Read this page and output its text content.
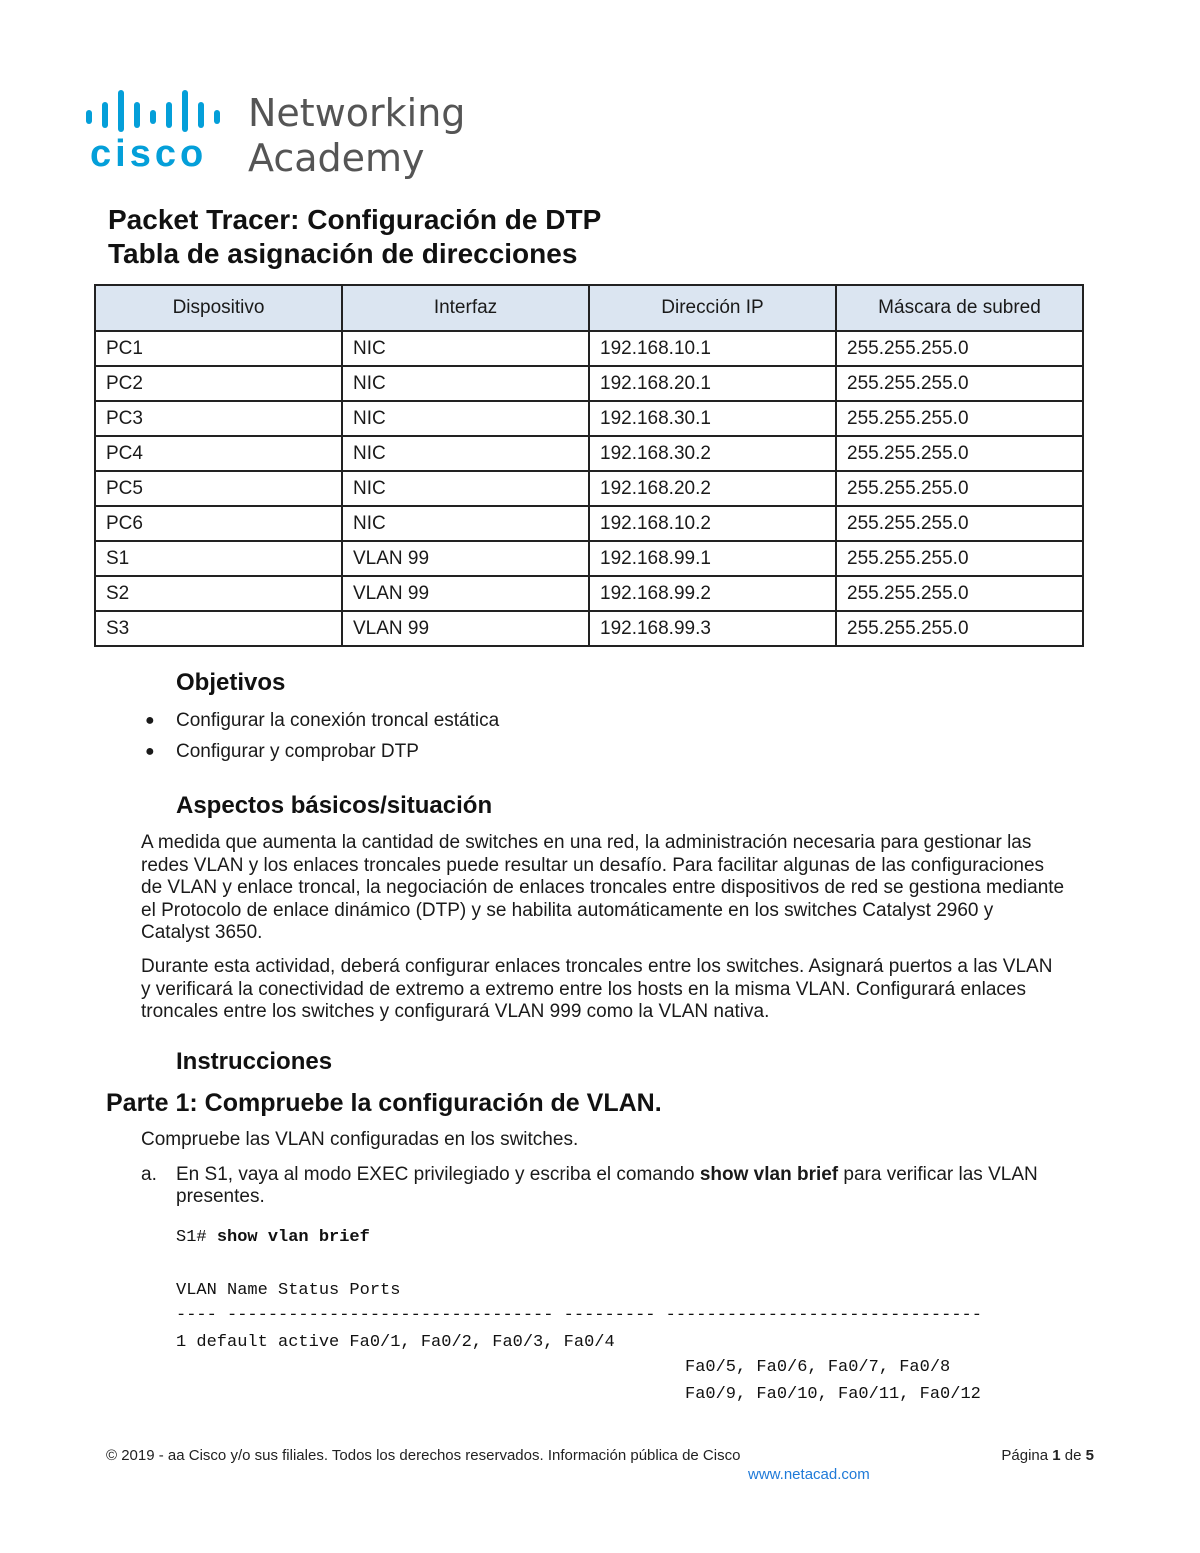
cisco
Networking
Academy
Packet Tracer: Configuración de DTP
Tabla de asignación de direcciones
Dispositivo	Interfaz	Dirección IP	Máscara de subred
PC1	NIC	192.168.10.1	255.255.255.0
PC2	NIC	192.168.20.1	255.255.255.0
PC3	NIC	192.168.30.1	255.255.255.0
PC4	NIC	192.168.30.2	255.255.255.0
PC5	NIC	192.168.20.2	255.255.255.0
PC6	NIC	192.168.10.2	255.255.255.0
S1	VLAN 99	192.168.99.1	255.255.255.0
S2	VLAN 99	192.168.99.2	255.255.255.0
S3	VLAN 99	192.168.99.3	255.255.255.0
Objetivos
● Configurar la conexión troncal estática
● Configurar y comprobar DTP
Aspectos básicos/situación
A medida que aumenta la cantidad de switches en una red, la administración necesaria para gestionar las
redes VLAN y los enlaces troncales puede resultar un desafío. Para facilitar algunas de las configuraciones
de VLAN y enlace troncal, la negociación de enlaces troncales entre dispositivos de red se gestiona mediante
el Protocolo de enlace dinámico (DTP) y se habilita automáticamente en los switches Catalyst 2960 y
Catalyst 3650.
Durante esta actividad, deberá configurar enlaces troncales entre los switches. Asignará puertos a las VLAN
y verificará la conectividad de extremo a extremo entre los hosts en la misma VLAN. Configurará enlaces
troncales entre los switches y configurará VLAN 999 como la VLAN nativa.
Instrucciones
Parte 1: Compruebe la configuración de VLAN.
Compruebe las VLAN configuradas en los switches.
a. En S1, vaya al modo EXEC privilegiado y escriba el comando show vlan brief para verificar las VLAN
presentes.
S1# show vlan brief
VLAN Name Status Ports
---- -------------------------------- --------- -------------------------------
1 default active Fa0/1, Fa0/2, Fa0/3, Fa0/4
Fa0/5, Fa0/6, Fa0/7, Fa0/8
Fa0/9, Fa0/10, Fa0/11, Fa0/12
© 2019 - aa Cisco y/o sus filiales. Todos los derechos reservados. Información pública de Cisco	Página 1 de 5
www.netacad.com
